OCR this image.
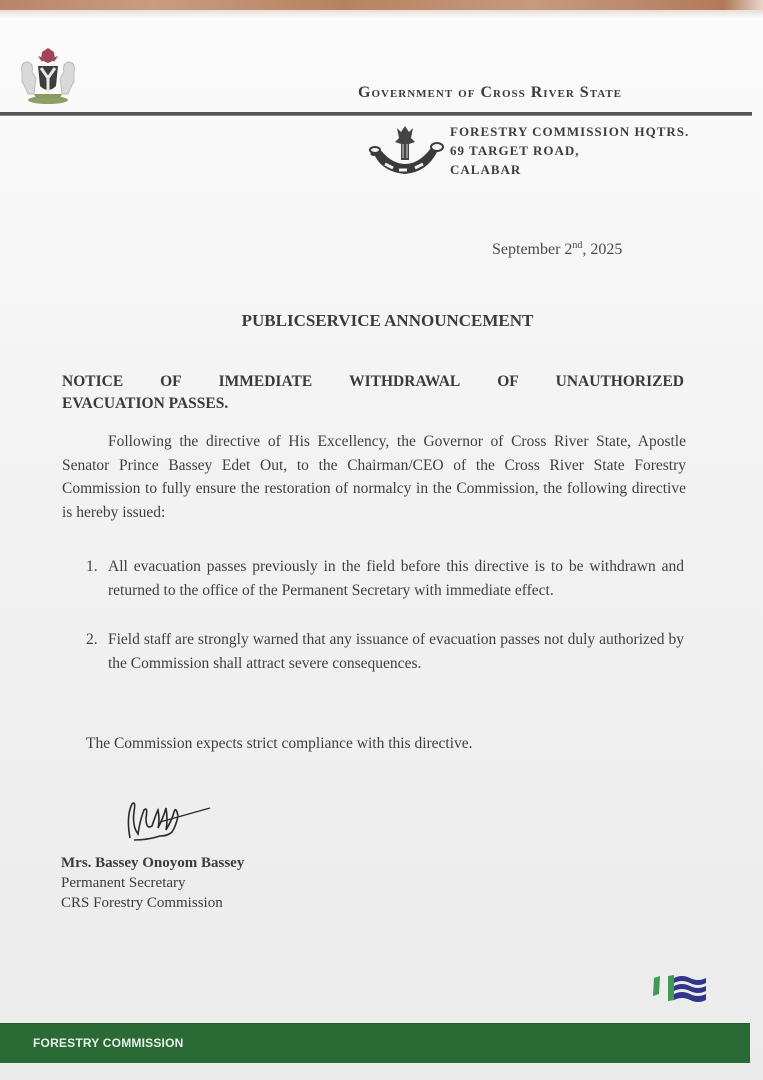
Government of Cross River State
FORESTRY COMMISSION HQTRS.
69 TARGET ROAD,
CALABAR
September 2nd, 2025
PUBLICSERVICE ANNOUNCEMENT
NOTICE OF IMMEDIATE WITHDRAWAL OF UNAUTHORIZED
EVACUATION PASSES.

Following the directive of His Excellency, the Governor of Cross River State, Apostle Senator Prince Bassey Edet Out, to the Chairman/CEO of the Cross River State Forestry Commission to fully ensure the restoration of normalcy in the Commission, the following directive is hereby issued:

1. All evacuation passes previously in the field before this directive is to be withdrawn and returned to the office of the Permanent Secretary with immediate effect.
2. Field staff are strongly warned that any issuance of evacuation passes not duly authorized by the Commission shall attract severe consequences.
The Commission expects strict compliance with this directive.
Mrs. Bassey Onoyom Bassey
Permanent Secretary
CRS Forestry Commission
FORESTRY COMMISSION
